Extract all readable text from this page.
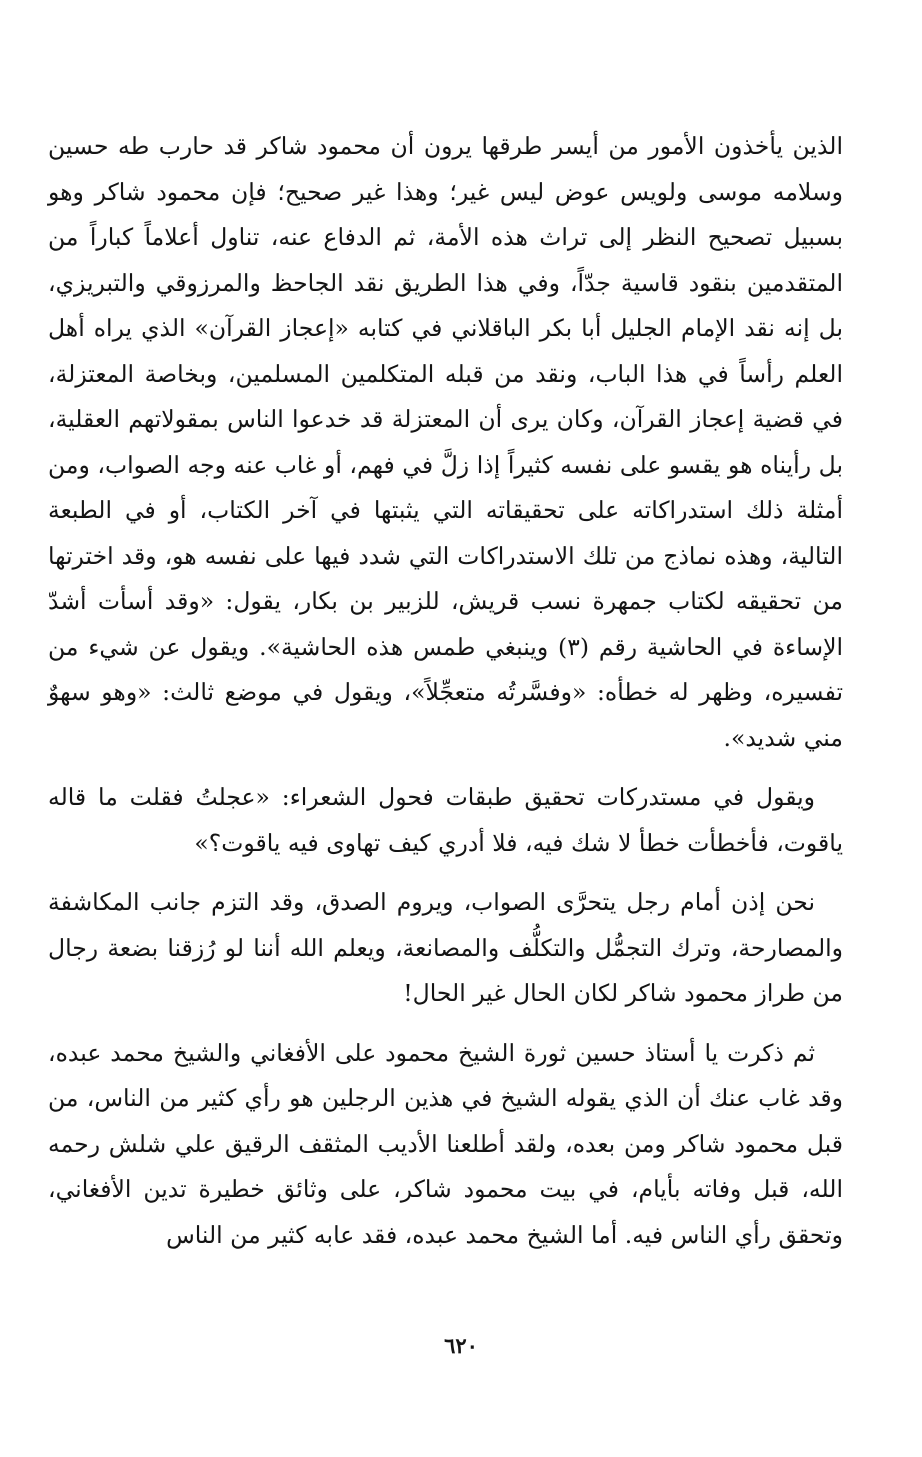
الذين يأخذون الأمور من أيسر طرقها يرون أن محمود شاكر قد حارب طه حسين وسلامه موسى ولويس عوض ليس غير؛ وهذا غير صحيح؛ فإن محمود شاكر وهو بسبيل تصحيح النظر إلى تراث هذه الأمة، ثم الدفاع عنه، تناول أعلاماً كباراً من المتقدمين بنقود قاسية جدّاً، وفي هذا الطريق نقد الجاحظ والمرزوقي والتبريزي، بل إنه نقد الإمام الجليل أبا بكر الباقلاني في كتابه «إعجاز القرآن» الذي يراه أهل العلم رأساً في هذا الباب، ونقد من قبله المتكلمين المسلمين، وبخاصة المعتزلة، في قضية إعجاز القرآن، وكان يرى أن المعتزلة قد خدعوا الناس بمقولاتهم العقلية، بل رأيناه هو يقسو على نفسه كثيراً إذا زلَّ في فهم، أو غاب عنه وجه الصواب، ومن أمثلة ذلك استدراكاته على تحقيقاته التي يثبتها في آخر الكتاب، أو في الطبعة التالية، وهذه نماذج من تلك الاستدراكات التي شدد فيها على نفسه هو، وقد اخترتها من تحقيقه لكتاب جمهرة نسب قريش، للزبير بن بكار، يقول: «وقد أسأت أشدّ الإساءة في الحاشية رقم (٣) وينبغي طمس هذه الحاشية». ويقول عن شيء من تفسيره، وظهر له خطأه: «وفسَّرتُه متعجِّلاً»، ويقول في موضع ثالث: «وهو سهوٌ مني شديد».

ويقول في مستدركات تحقيق طبقات فحول الشعراء: «عجلتُ فقلت ما قاله ياقوت، فأخطأت خطأ لا شك فيه، فلا أدري كيف تهاوى فيه ياقوت؟»

نحن إذن أمام رجل يتحرَّى الصواب، ويروم الصدق، وقد التزم جانب المكاشفة والمصارحة، وترك التجمُّل والتكلُّف والمصانعة، ويعلم الله أننا لو رُزقنا بضعة رجال من طراز محمود شاكر لكان الحال غير الحال!

ثم ذكرت يا أستاذ حسين ثورة الشيخ محمود على الأفغاني والشيخ محمد عبده، وقد غاب عنك أن الذي يقوله الشيخ في هذين الرجلين هو رأي كثير من الناس، من قبل محمود شاكر ومن بعده، ولقد أطلعنا الأديب المثقف الرقيق علي شلش رحمه الله، قبل وفاته بأيام، في بيت محمود شاكر، على وثائق خطيرة تدين الأفغاني، وتحقق رأي الناس فيه. أما الشيخ محمد عبده، فقد عابه كثير من الناس

٦٢٠
